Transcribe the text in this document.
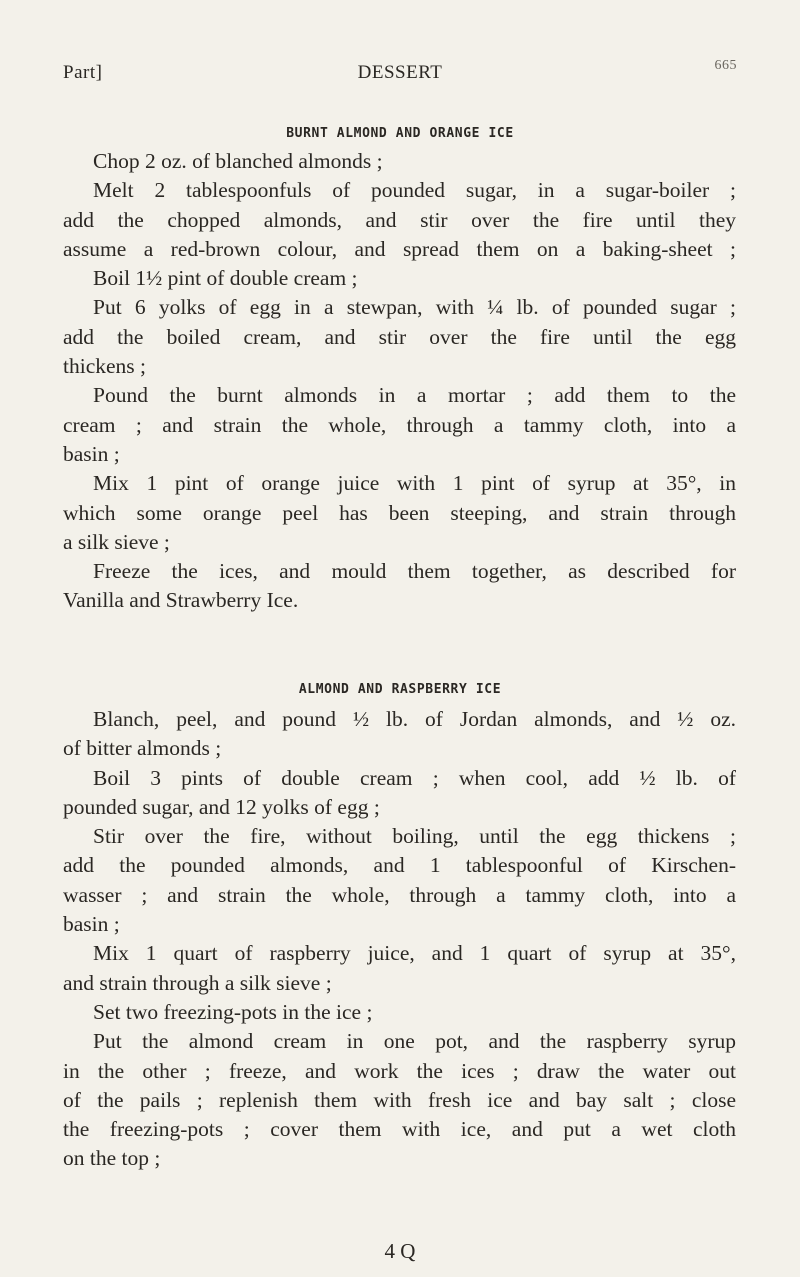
Part]	DESSERT	665
BURNT ALMOND AND ORANGE ICE
Chop 2 oz. of blanched almonds ;
Melt 2 tablespoonfuls of pounded sugar, in a sugar-boiler ;
add the chopped almonds, and stir over the fire until they
assume a red-brown colour, and spread them on a baking-sheet ;
Boil 1½ pint of double cream ;
Put 6 yolks of egg in a stewpan, with ¼ lb. of pounded sugar ;
add the boiled cream, and stir over the fire until the egg
thickens ;
Pound the burnt almonds in a mortar ; add them to the
cream ; and strain the whole, through a tammy cloth, into a
basin ;
Mix 1 pint of orange juice with 1 pint of syrup at 35°, in
which some orange peel has been steeping, and strain through
a silk sieve ;
Freeze the ices, and mould them together, as described for
Vanilla and Strawberry Ice.
ALMOND AND RASPBERRY ICE
Blanch, peel, and pound ½ lb. of Jordan almonds, and ½ oz.
of bitter almonds ;
Boil 3 pints of double cream ; when cool, add ½ lb. of
pounded sugar, and 12 yolks of egg ;
Stir over the fire, without boiling, until the egg thickens ;
add the pounded almonds, and 1 tablespoonful of Kirschen-
wasser ; and strain the whole, through a tammy cloth, into a
basin ;
Mix 1 quart of raspberry juice, and 1 quart of syrup at 35°,
and strain through a silk sieve ;
Set two freezing-pots in the ice ;
Put the almond cream in one pot, and the raspberry syrup
in the other ; freeze, and work the ices ; draw the water out
of the pails ; replenish them with fresh ice and bay salt ; close
the freezing-pots ; cover them with ice, and put a wet cloth
on the top ;
4 Q
